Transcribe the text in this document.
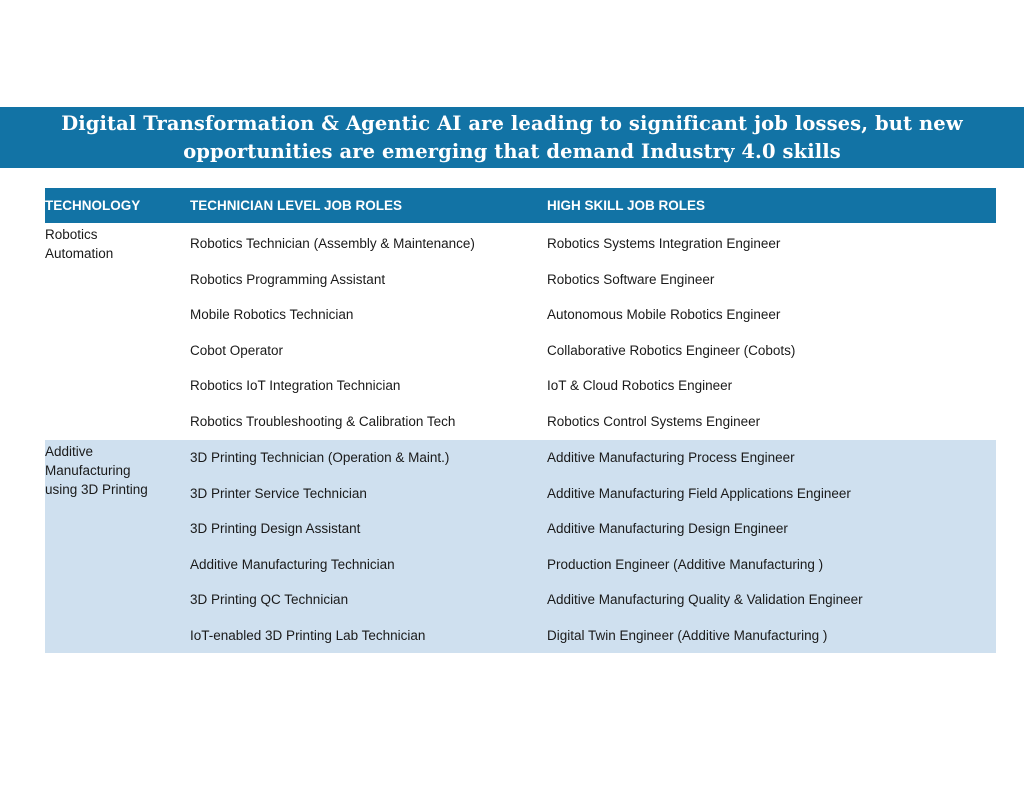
Digital Transformation & Agentic AI are leading to significant job losses, but new
opportunities are emerging that demand Industry 4.0 skills
TECHNOLOGY	TECHNICIAN LEVEL JOB ROLES	HIGH SKILL JOB ROLES
Robotics
Automation
Robotics Technician (Assembly & Maintenance)	Robotics Systems Integration Engineer
Robotics Programming Assistant	Robotics Software Engineer
Mobile Robotics Technician	Autonomous Mobile Robotics Engineer
Cobot Operator	Collaborative Robotics Engineer (Cobots)
Robotics IoT Integration Technician	IoT & Cloud Robotics Engineer
Robotics Troubleshooting & Calibration Tech	Robotics Control Systems Engineer
Additive
Manufacturing
using 3D Printing
3D Printing Technician (Operation & Maint.)	Additive Manufacturing Process Engineer
3D Printer Service Technician	Additive Manufacturing Field Applications Engineer
3D Printing Design Assistant	Additive Manufacturing Design Engineer
Additive Manufacturing Technician	Production Engineer (Additive Manufacturing )
3D Printing QC Technician	Additive Manufacturing Quality & Validation Engineer
IoT-enabled 3D Printing Lab Technician	Digital Twin Engineer (Additive Manufacturing )
